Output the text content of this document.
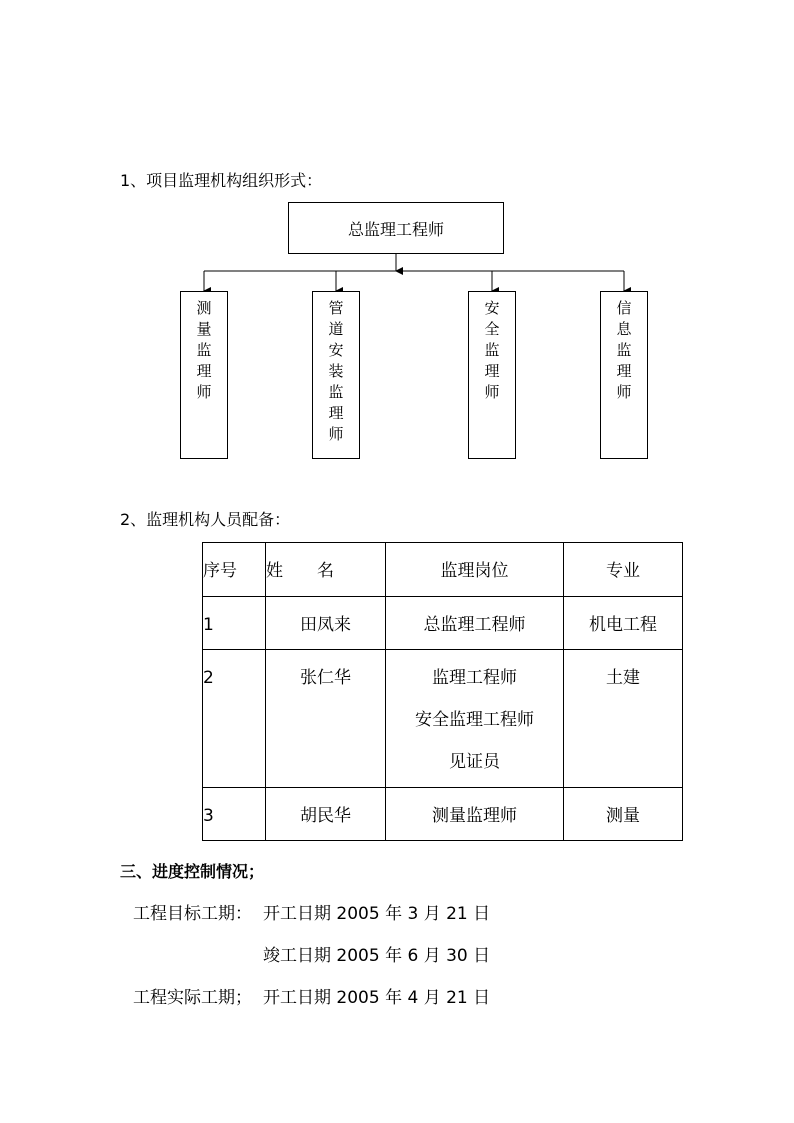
1、项目监理机构组织形式：
总监理工程师
测量监理师
管道安装监理师
安全监理师
信息监理师
2、监理机构人员配备：
序号	姓　　名	监理岗位	专业

1	田凤来	总监理工程师	机电工程

2	张仁华	监理工程师
安全监理工程师
见证员	土建

3	胡民华	测量监理师	测量
三、进度控制情况；
工程目标工期： 开工日期 2005 年 3 月 21 日
竣工日期 2005 年 6 月 30 日
工程实际工期； 开工日期 2005 年 4 月 21 日
